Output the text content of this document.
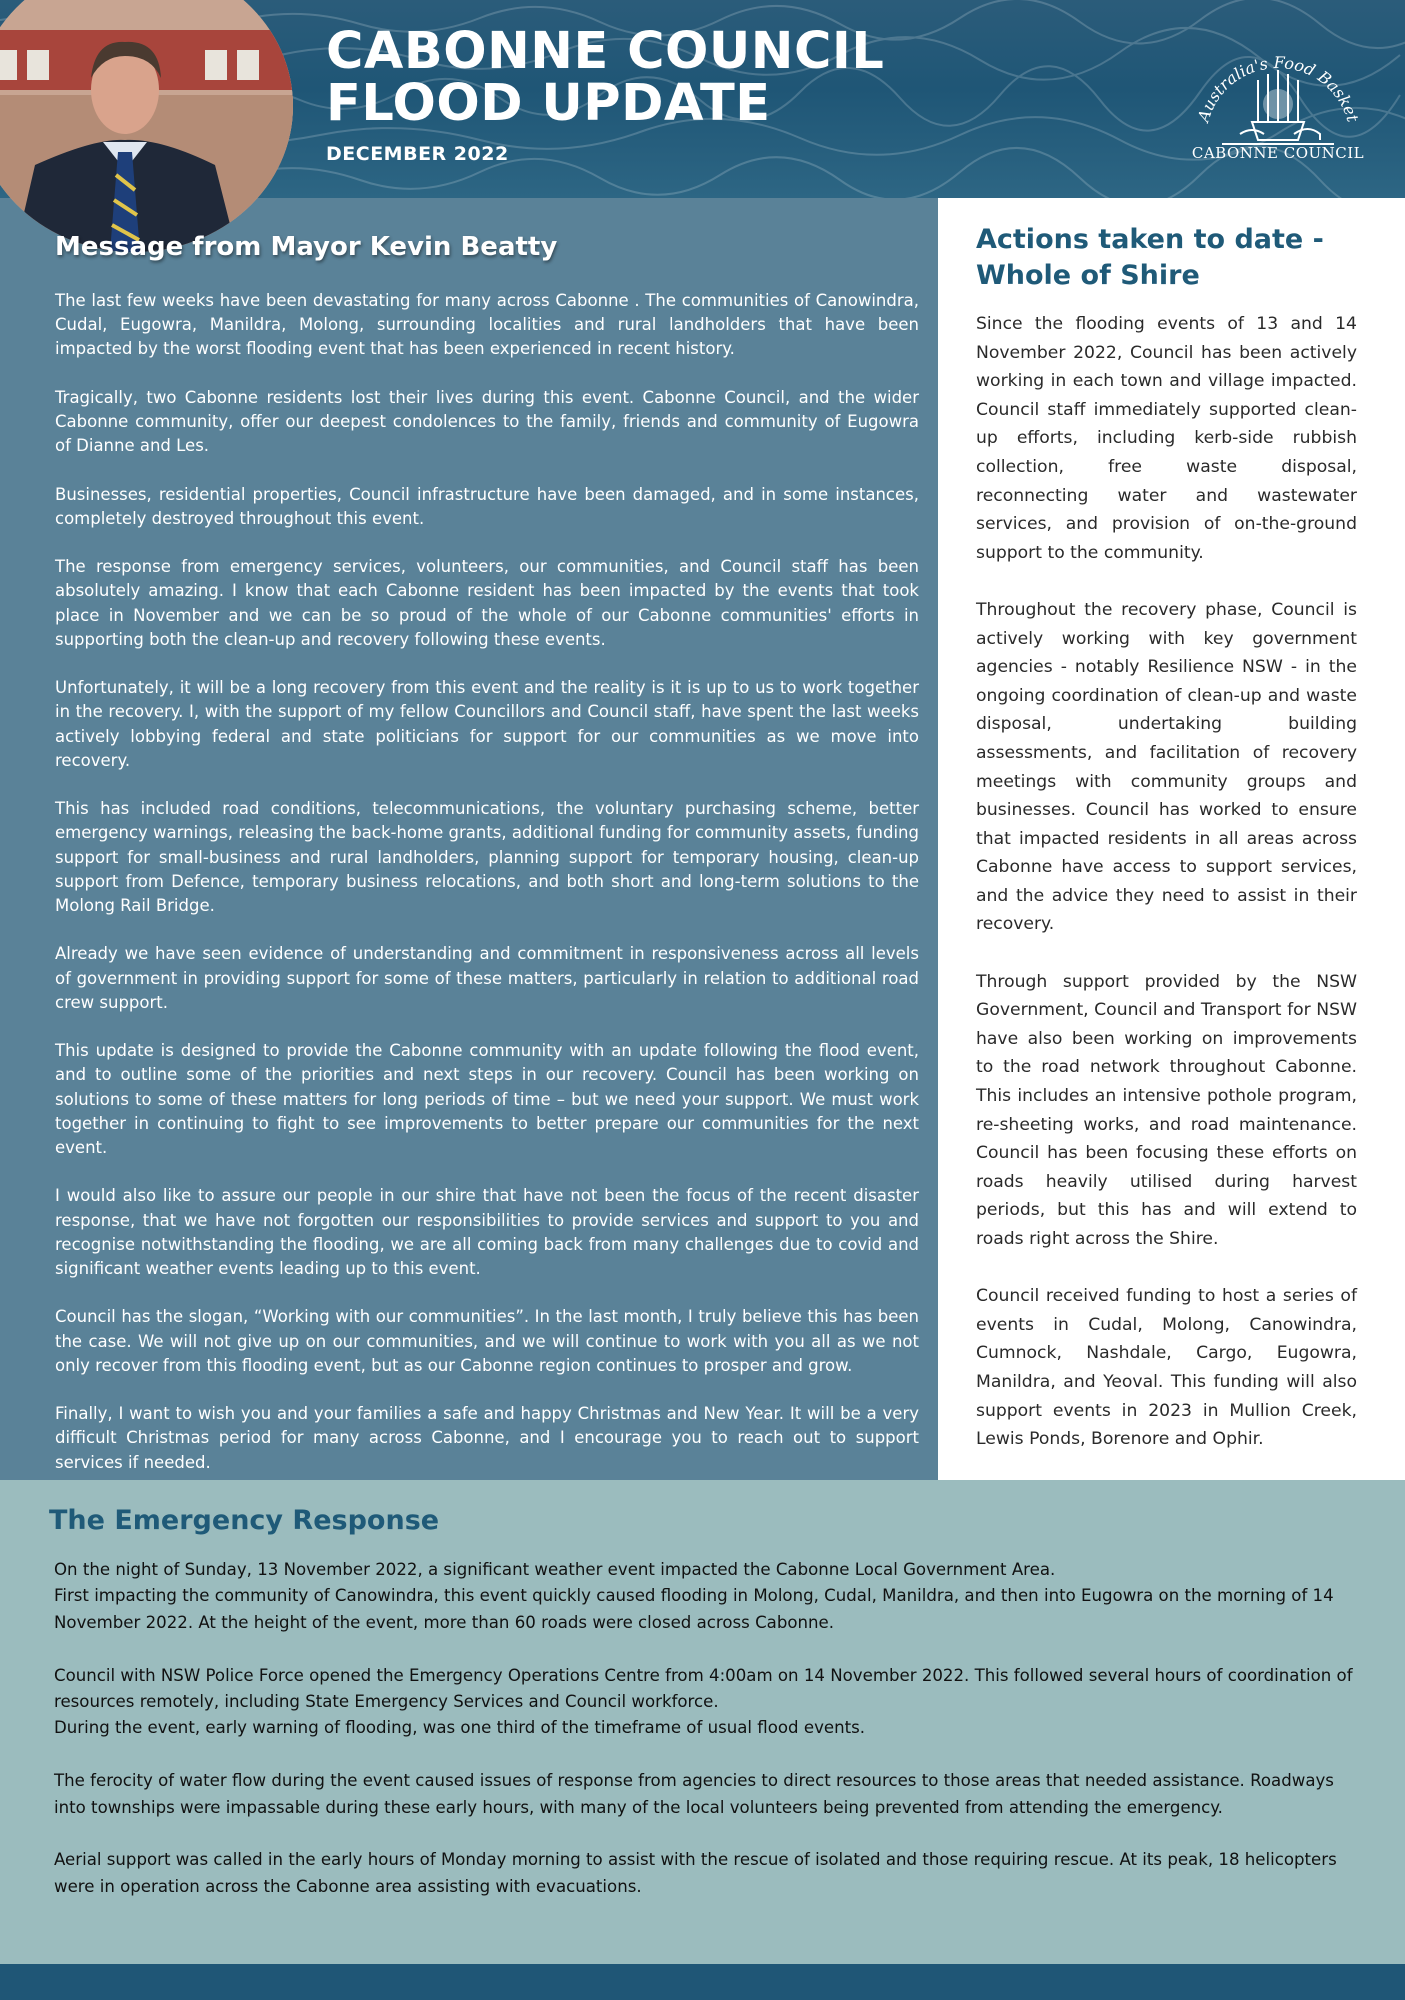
CABONNE COUNCIL
FLOOD UPDATE
DECEMBER 2022
Australia's Food Basket
CABONNE COUNCIL
Message from Mayor Kevin Beatty

The last few weeks have been devastating for many across Cabonne . The communities of Canowindra, Cudal, Eugowra, Manildra, Molong, surrounding localities and rural landholders that have been impacted by the worst flooding event that has been experienced in recent history.

Tragically, two Cabonne residents lost their lives during this event. Cabonne Council, and the wider Cabonne community, offer our deepest condolences to the family, friends and community of Eugowra of Dianne and Les.

Businesses, residential properties, Council infrastructure have been damaged, and in some instances, completely destroyed throughout this event.

The response from emergency services, volunteers, our communities, and Council staff has been absolutely amazing. I know that each Cabonne resident has been impacted by the events that took place in November and we can be so proud of the whole of our Cabonne communities' efforts in supporting both the clean-up and recovery following these events.

Unfortunately, it will be a long recovery from this event and the reality is it is up to us to work together in the recovery. I, with the support of my fellow Councillors and Council staff, have spent the last weeks actively lobbying federal and state politicians for support for our communities as we move into recovery.

This has included road conditions, telecommunications, the voluntary purchasing scheme, better emergency warnings, releasing the back-home grants, additional funding for community assets, funding support for small-business and rural landholders, planning support for temporary housing, clean-up support from Defence, temporary business relocations, and both short and long-term solutions to the Molong Rail Bridge.

Already we have seen evidence of understanding and commitment in responsiveness across all levels of government in providing support for some of these matters, particularly in relation to additional road crew support.

This update is designed to provide the Cabonne community with an update following the flood event, and to outline some of the priorities and next steps in our recovery. Council has been working on solutions to some of these matters for long periods of time – but we need your support. We must work together in continuing to fight to see improvements to better prepare our communities for the next event.

I would also like to assure our people in our shire that have not been the focus of the recent disaster response, that we have not forgotten our responsibilities to provide services and support to you and recognise notwithstanding the flooding, we are all coming back from many challenges due to covid and significant weather events leading up to this event.

Council has the slogan, “Working with our communities”. In the last month, I truly believe this has been the case. We will not give up on our communities, and we will continue to work with you all as we not only recover from this flooding event, but as our Cabonne region continues to prosper and grow.

Finally, I want to wish you and your families a safe and happy Christmas and New Year. It will be a very difficult Christmas period for many across Cabonne, and I encourage you to reach out to support services if needed.

Actions taken to date - Whole of Shire

Since the flooding events of 13 and 14 November 2022, Council has been actively working in each town and village impacted. Council staff immediately supported clean-up efforts, including kerb-side rubbish collection, free waste disposal, reconnecting water and wastewater services, and provision of on-the-ground support to the community.

Throughout the recovery phase, Council is actively working with key government agencies - notably Resilience NSW - in the ongoing coordination of clean-up and waste disposal, undertaking building assessments, and facilitation of recovery meetings with community groups and businesses. Council has worked to ensure that impacted residents in all areas across Cabonne have access to support services, and the advice they need to assist in their recovery.

Through support provided by the NSW Government, Council and Transport for NSW have also been working on improvements to the road network throughout Cabonne. This includes an intensive pothole program, re-sheeting works, and road maintenance. Council has been focusing these efforts on roads heavily utilised during harvest periods, but this has and will extend to roads right across the Shire.

Council received funding to host a series of events in Cudal, Molong, Canowindra, Cumnock, Nashdale, Cargo, Eugowra, Manildra, and Yeoval. This funding will also support events in 2023 in Mullion Creek, Lewis Ponds, Borenore and Ophir.

The Emergency Response

On the night of Sunday, 13 November 2022, a significant weather event impacted the Cabonne Local Government Area.
First impacting the community of Canowindra, this event quickly caused flooding in Molong, Cudal, Manildra, and then into Eugowra on the morning of 14 November 2022. At the height of the event, more than 60 roads were closed across Cabonne.

Council with NSW Police Force opened the Emergency Operations Centre from 4:00am on 14 November 2022. This followed several hours of coordination of resources remotely, including State Emergency Services and Council workforce.
During the event, early warning of flooding, was one third of the timeframe of usual flood events.

The ferocity of water flow during the event caused issues of response from agencies to direct resources to those areas that needed assistance. Roadways into townships were impassable during these early hours, with many of the local volunteers being prevented from attending the emergency.

Aerial support was called in the early hours of Monday morning to assist with the rescue of isolated and those requiring rescue. At its peak, 18 helicopters were in operation across the Cabonne area assisting with evacuations.
